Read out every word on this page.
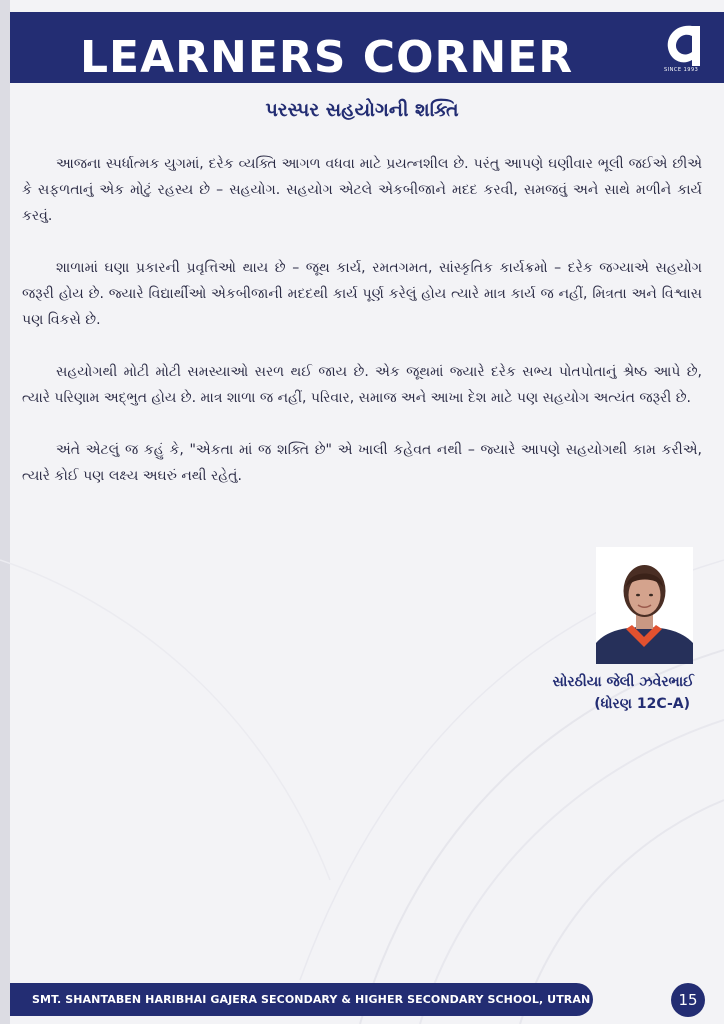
LEARNERS CORNER	SINCE 1993
પરસ્પર સહયોગની શક્તિ

આજના સ્પર્ધાત્મક યુગમાં, દરેક વ્યક્તિ આગળ વધવા માટે પ્રયત્નશીલ છે. પરંતુ આપણે ઘણીવાર ભૂલી જઈએ છીએ કે સફળતાનું એક મોટું રહસ્ય છે – સહયોગ. સહયોગ એટલે એકબીજાને મદદ કરવી, સમજવું અને સાથે મળીને કાર્ય કરવું.

શાળામાં ઘણા પ્રકારની પ્રવૃત્તિઓ થાય છે – જૂથ કાર્ય, રમતગમત, સાંસ્કૃતિક કાર્યક્રમો – દરેક જગ્યાએ સહયોગ જરૂરી હોય છે. જ્યારે વિદ્યાર્થીઓ એકબીજાની મદદથી કાર્ય પૂર્ણ કરેલું હોય ત્યારે માત્ર કાર્ય જ નહીં, મિત્રતા અને વિશ્વાસ પણ વિકસે છે.

સહયોગથી મોટી મોટી સમસ્યાઓ સરળ થઈ જાય છે. એક જૂથમાં જ્યારે દરેક સભ્ય પોતપોતાનું શ્રેષ્ઠ આપે છે, ત્યારે પરિણામ અદ્ભુત હોય છે. માત્ર શાળા જ નહીં, પરિવાર, સમાજ અને આખા દેશ માટે પણ સહયોગ અત્યંત જરૂરી છે.

અંતે એટલું જ કહું કે, "એકતા માં જ શક્તિ છે" એ ખાલી કહેવત નથી – જ્યારે આપણે સહયોગથી કામ કરીએ, ત્યારે કોઈ પણ લક્ષ્ય અઘરું નથી રહેતું.

સોરઠીયા જેલી ઝવેરભાઈ
(ધોરણ 12C-A)
SMT. SHANTABEN HARIBHAI GAJERA SECONDARY & HIGHER SECONDARY SCHOOL, UTRAN	15
